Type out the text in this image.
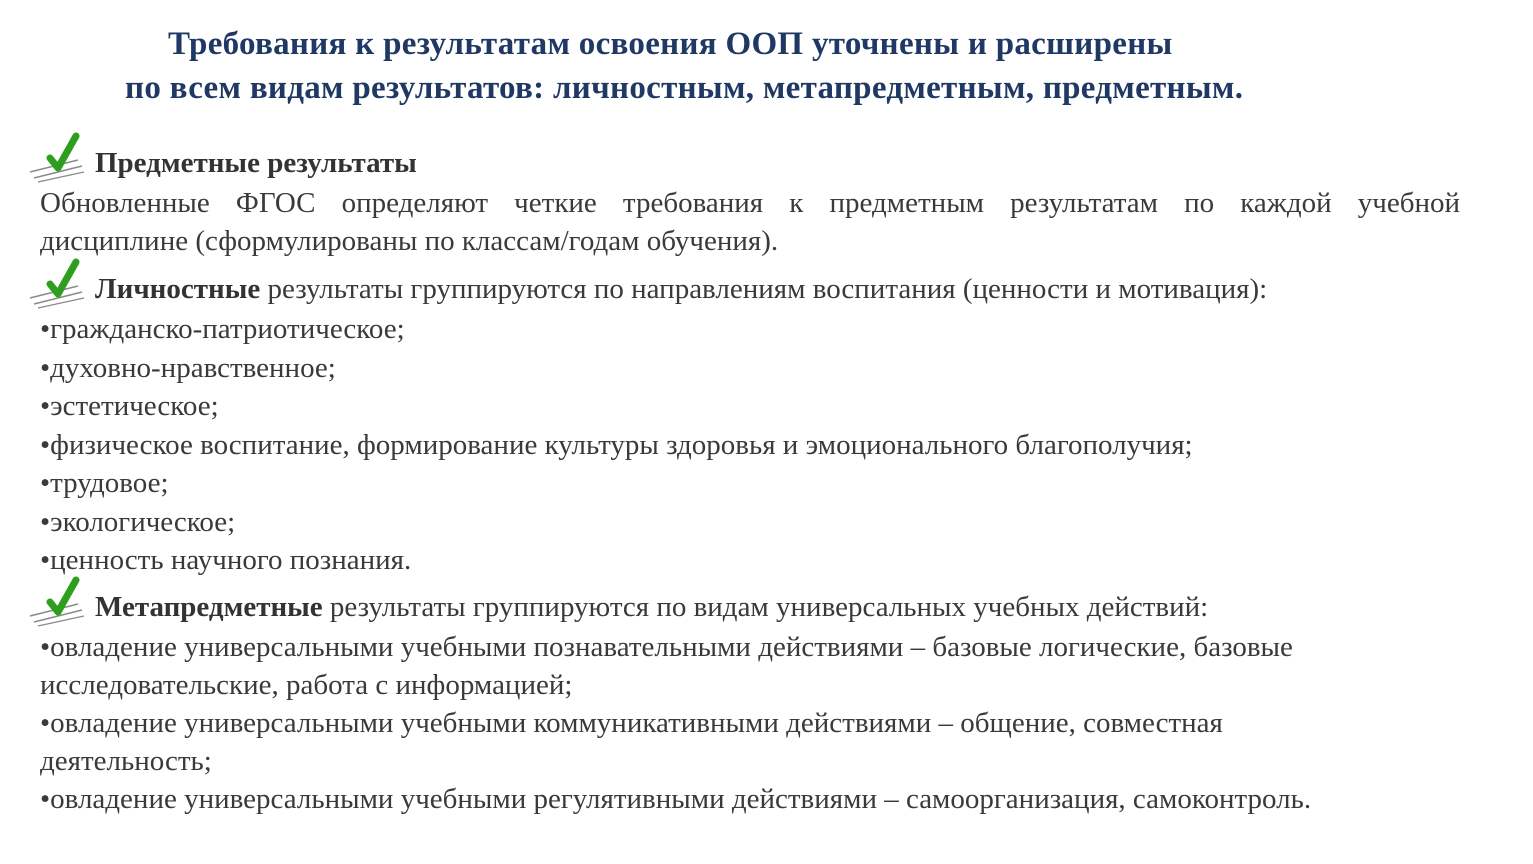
Требования к результатам освоения ООП уточнены и расширены
по всем видам результатов: личностным, метапредметным, предметным.
Предметные результаты
Обновленные ФГОС определяют четкие требования к предметным результатам по каждой учебной
дисциплине (сформулированы по классам/годам обучения).
Личностные результаты группируются по направлениям воспитания (ценности и мотивация):
•гражданско-патриотическое;
•духовно-нравственное;
•эстетическое;
•физическое воспитание, формирование культуры здоровья и эмоционального благополучия;
•трудовое;
•экологическое;
•ценность научного познания.
Метапредметные результаты группируются по видам универсальных учебных действий:
•овладение универсальными учебными познавательными действиями – базовые логические, базовые
исследовательские, работа с информацией;
•овладение универсальными учебными коммуникативными действиями – общение, совместная
деятельность;
•овладение универсальными учебными регулятивными действиями – самоорганизация, самоконтроль.
